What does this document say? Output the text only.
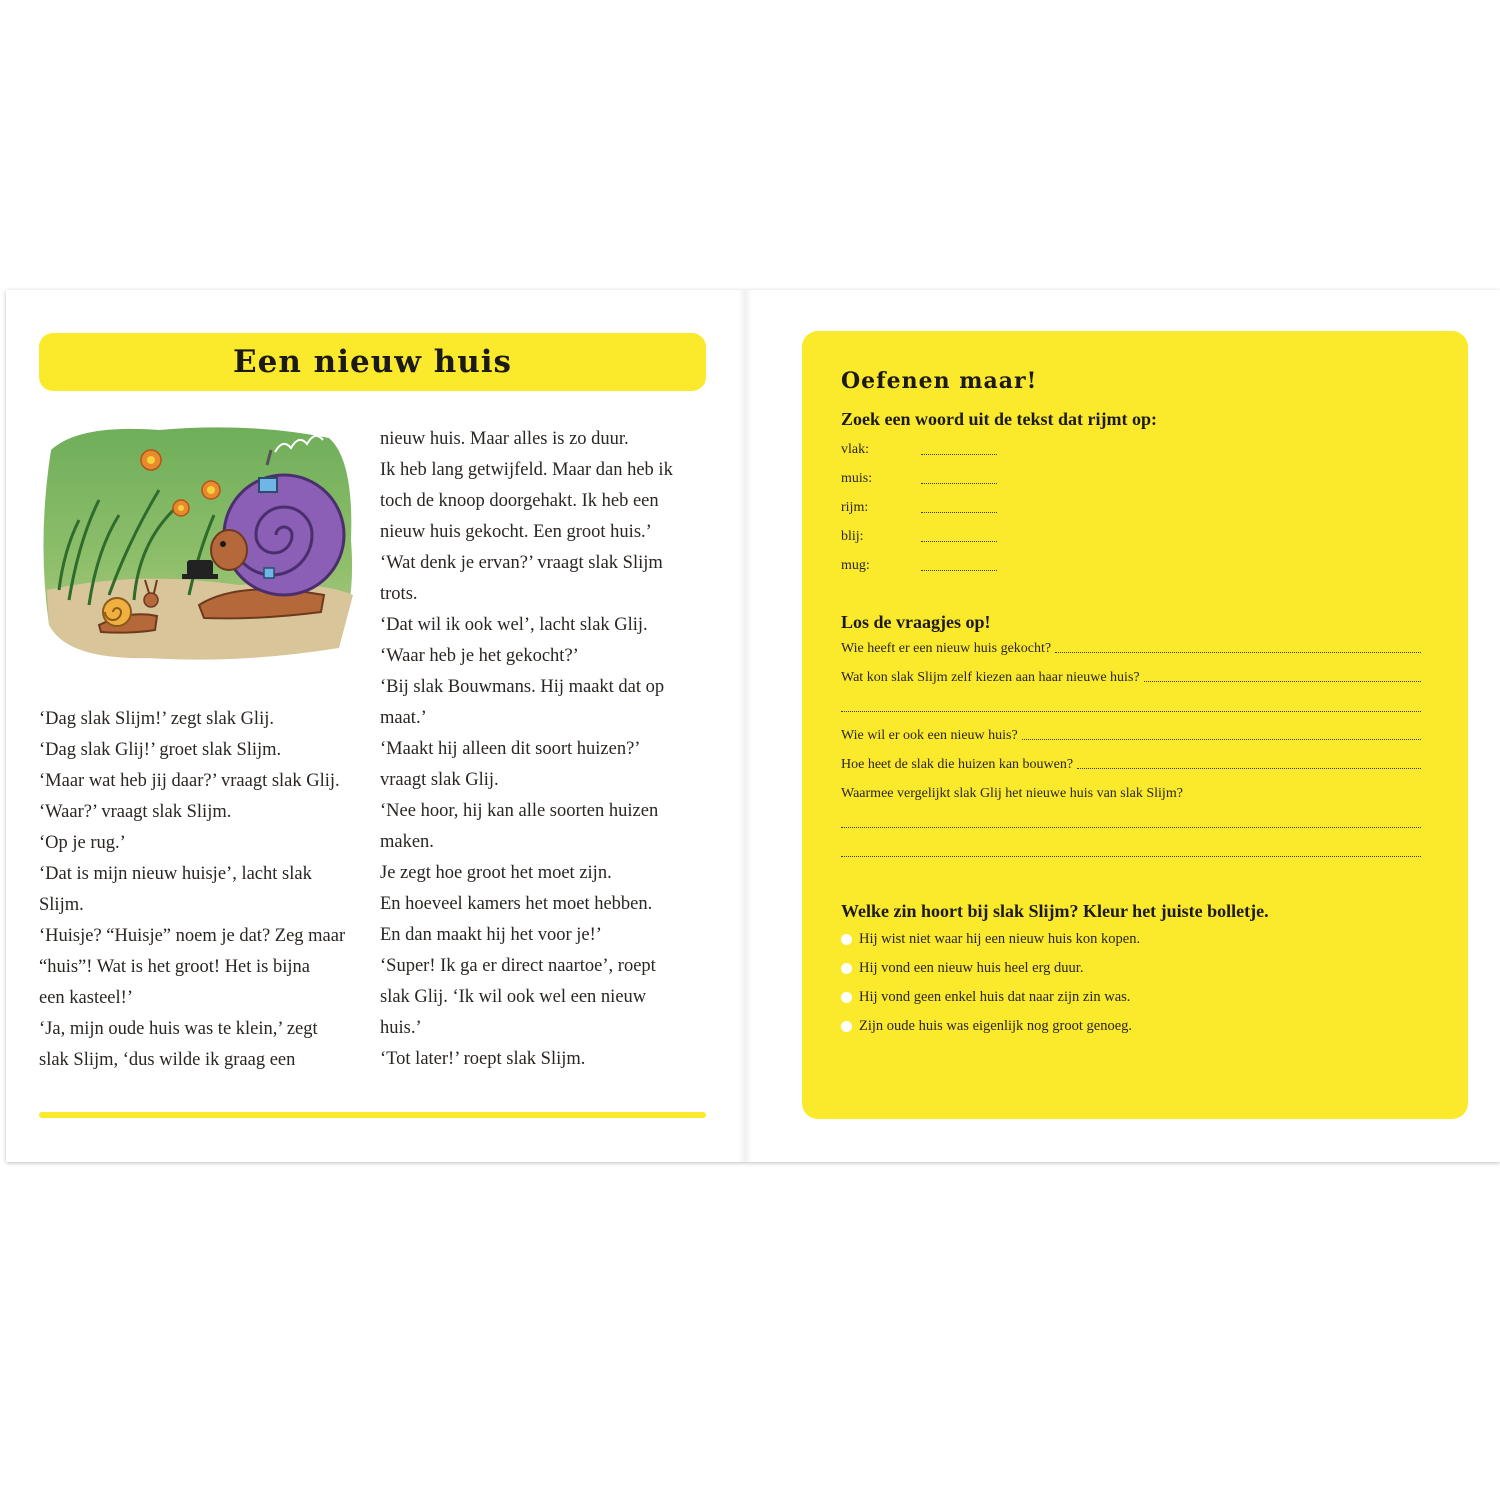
Een nieuw huis

nieuw huis. Maar alles is zo duur.

Ik heb lang getwijfeld. Maar dan heb ik

toch de knoop doorgehakt. Ik heb een

nieuw huis gekocht. Een groot huis.’

‘Wat denk je ervan?’ vraagt slak Slijm

trots.

‘Dat wil ik ook wel’, lacht slak Glij.

‘Waar heb je het gekocht?’

‘Bij slak Bouwmans. Hij maakt dat op

maat.’

‘Maakt hij alleen dit soort huizen?’

vraagt slak Glij.

‘Nee hoor, hij kan alle soorten huizen

maken.

Je zegt hoe groot het moet zijn.

En hoeveel kamers het moet hebben.

En dan maakt hij het voor je!’

‘Super! Ik ga er direct naartoe’, roept

slak Glij. ‘Ik wil ook wel een nieuw

huis.’

‘Tot later!’ roept slak Slijm.

‘Dag slak Slijm!’ zegt slak Glij.

‘Dag slak Glij!’ groet slak Slijm.

‘Maar wat heb jij daar?’ vraagt slak Glij.

‘Waar?’ vraagt slak Slijm.

‘Op je rug.’

‘Dat is mijn nieuw huisje’, lacht slak

Slijm.

‘Huisje? “Huisje” noem je dat? Zeg maar

“huis”! Wat is het groot! Het is bijna

een kasteel!’

‘Ja, mijn oude huis was te klein,’ zegt

slak Slijm, ‘dus wilde ik graag een

Oefenen maar!
Zoek een woord uit de tekst dat rijmt op:
vlak:
muis:
rijm:
blij:
mug:
Los de vraagjes op!
Wie heeft er een nieuw huis gekocht?
Wat kon slak Slijm zelf kiezen aan haar nieuwe huis?
Wie wil er ook een nieuw huis?
Hoe heet de slak die huizen kan bouwen?
Waarmee vergelijkt slak Glij het nieuwe huis van slak Slijm?
Welke zin hoort bij slak Slijm? Kleur het juiste bolletje.
Hij wist niet waar hij een nieuw huis kon kopen.
Hij vond een nieuw huis heel erg duur.
Hij vond geen enkel huis dat naar zijn zin was.
Zijn oude huis was eigenlijk nog groot genoeg.
